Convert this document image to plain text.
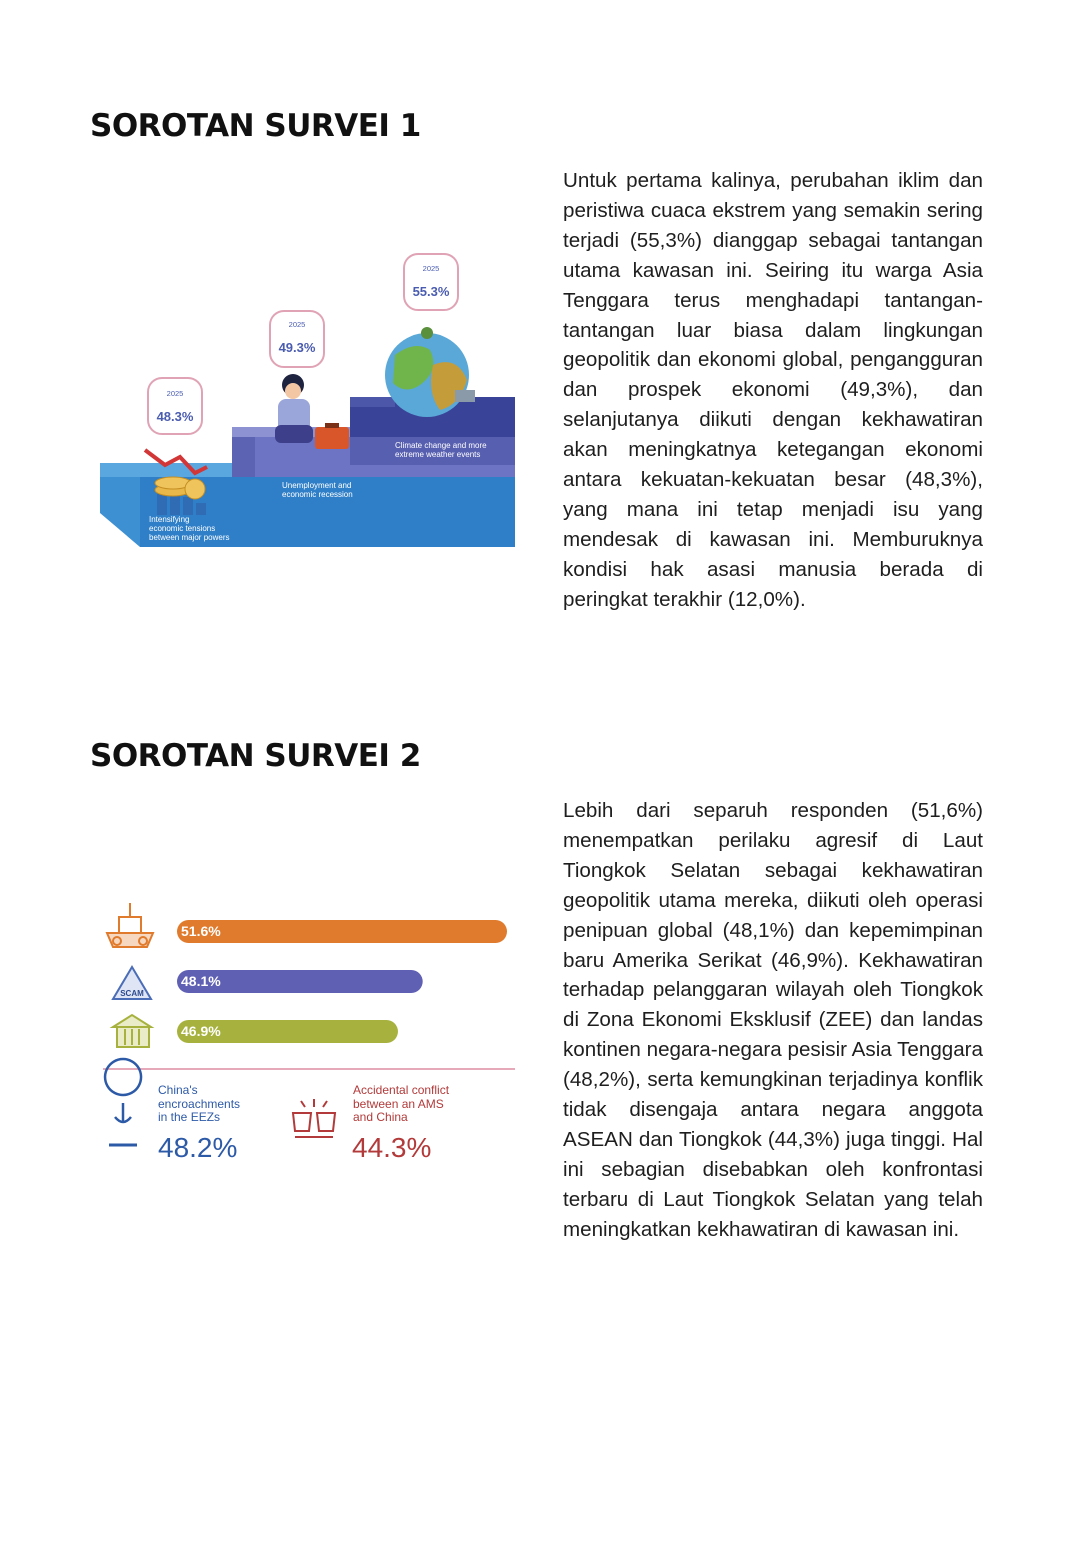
SOROTAN SURVEI 1
2025
48.3%
2025
49.3%
2025
55.3%
Intensifying
economic tensions
between major powers
Unemployment and
economic recession
Climate change and more
extreme weather events

Untuk pertama kalinya, perubahan iklim dan peristiwa cuaca ekstrem yang semakin sering terjadi (55,3%) dianggap sebagai tantangan utama kawasan ini. Seiring itu warga Asia Tenggara terus menghadapi tantangan-tantangan luar biasa dalam lingkungan geopolitik dan ekonomi global, pengangguran dan prospek ekonomi (49,3%), dan selanjutanya diikuti dengan kekhawatiran akan meningkatnya ketegangan ekonomi antara kekuatan-kekuatan besar (48,3%), yang mana ini tetap menjadi isu yang mendesak di kawasan ini. Memburuknya kondisi hak asasi manusia berada di peringkat terakhir (12,0%).

SOROTAN SURVEI 2
SCAM
51.6%
48.1%
46.9%
China's
encroachments
in the EEZs
48.2%
Accidental conflict
between an AMS
and China
44.3%

Lebih dari separuh responden (51,6%) menempatkan perilaku agresif di Laut Tiongkok Selatan sebagai kekhawatiran geopolitik utama mereka, diikuti oleh operasi penipuan global (48,1%) dan kepemimpinan baru Amerika Serikat (46,9%). Kekhawatiran terhadap pelanggaran wilayah oleh Tiongkok di Zona Ekonomi Eksklusif (ZEE) dan landas kontinen negara-negara pesisir Asia Tenggara (48,2%), serta kemungkinan terjadinya konflik tidak disengaja antara negara anggota ASEAN dan Tiongkok (44,3%) juga tinggi. Hal ini sebagian disebabkan oleh konfrontasi terbaru di Laut Tiongkok Selatan yang telah meningkatkan kekhawatiran di kawasan ini.
